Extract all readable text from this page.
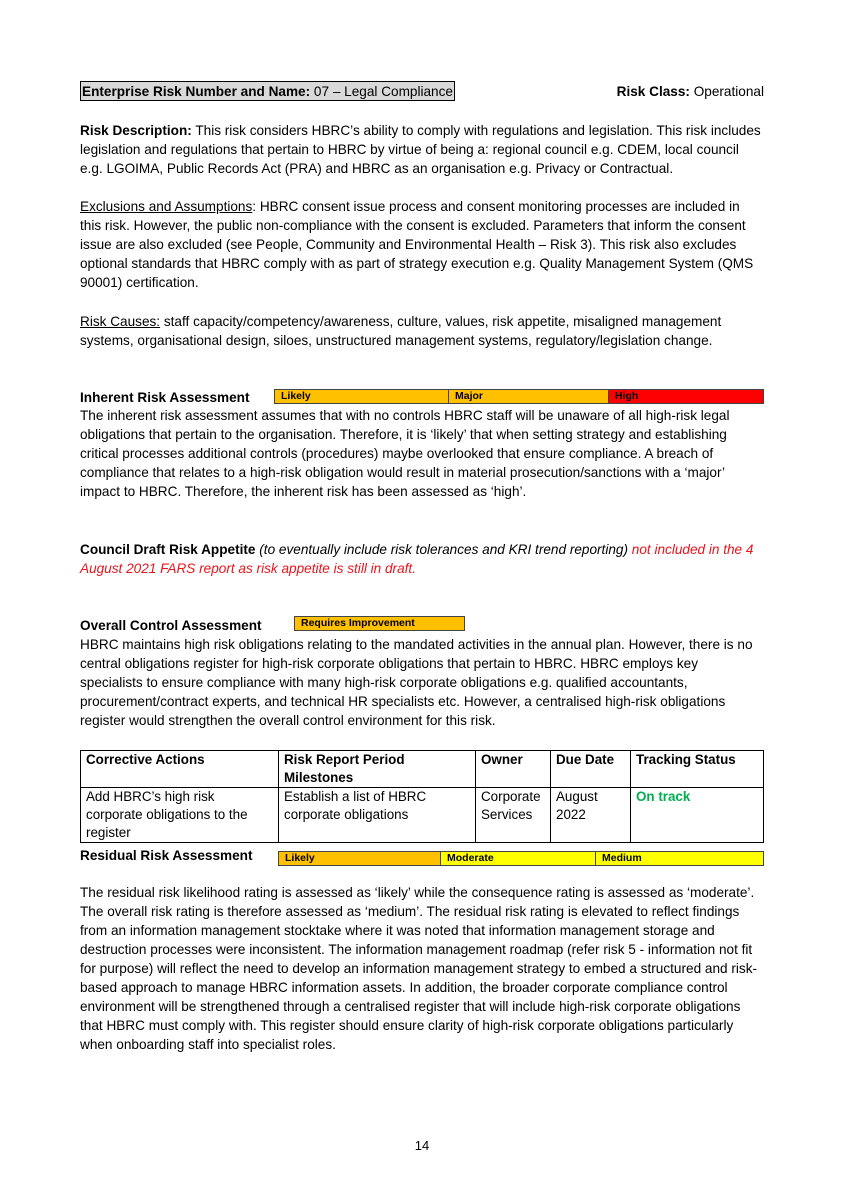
Enterprise Risk Number and Name: 07 – Legal Compliance	Risk Class: Operational

Risk Description: This risk considers HBRC’s ability to comply with regulations and legislation. This risk includes legislation and regulations that pertain to HBRC by virtue of being a: regional council e.g. CDEM, local council e.g. LGOIMA, Public Records Act (PRA) and HBRC as an organisation e.g. Privacy or Contractual.

Exclusions and Assumptions: HBRC consent issue process and consent monitoring processes are included in this risk. However, the public non-compliance with the consent is excluded. Parameters that inform the consent issue are also excluded (see People, Community and Environmental Health – Risk 3). This risk also excludes optional standards that HBRC comply with as part of strategy execution e.g. Quality Management System (QMS 90001) certification.

Risk Causes: staff capacity/competency/awareness, culture, values, risk appetite, misaligned management systems, organisational design, siloes, unstructured management systems, regulatory/legislation change.

Inherent Risk Assessment	Likely	Major	High

The inherent risk assessment assumes that with no controls HBRC staff will be unaware of all high-risk legal obligations that pertain to the organisation. Therefore, it is ‘likely’ that when setting strategy and establishing critical processes additional controls (procedures) maybe overlooked that ensure compliance. A breach of compliance that relates to a high-risk obligation would result in material prosecution/sanctions with a ‘major’ impact to HBRC. Therefore, the inherent risk has been assessed as ‘high’.

Council Draft Risk Appetite (to eventually include risk tolerances and KRI trend reporting) not included in the 4 August 2021 FARS report as risk appetite is still in draft.

Overall Control Assessment	Requires Improvement

HBRC maintains high risk obligations relating to the mandated activities in the annual plan. However, there is no central obligations register for high-risk corporate obligations that pertain to HBRC. HBRC employs key specialists to ensure compliance with many high-risk corporate obligations e.g. qualified accountants, procurement/contract experts, and technical HR specialists etc. However, a centralised high-risk obligations register would strengthen the overall control environment for this risk.

Corrective Actions	Risk Report Period Milestones	Owner	Due Date	Tracking Status
Add HBRC’s high risk corporate obligations to the register	Establish a list of HBRC corporate obligations	Corporate Services	August 2022	On track
Residual Risk Assessment	Likely	Moderate	Medium

The residual risk likelihood rating is assessed as ‘likely’ while the consequence rating is assessed as ‘moderate’. The overall risk rating is therefore assessed as ‘medium’. The residual risk rating is elevated to reflect findings from an information management stocktake where it was noted that information management storage and destruction processes were inconsistent. The information management roadmap (refer risk 5 - information not fit for purpose) will reflect the need to develop an information management strategy to embed a structured and risk-based approach to manage HBRC information assets. In addition, the broader corporate compliance control environment will be strengthened through a centralised register that will include high-risk corporate obligations that HBRC must comply with. This register should ensure clarity of high-risk corporate obligations particularly when onboarding staff into specialist roles.

14
